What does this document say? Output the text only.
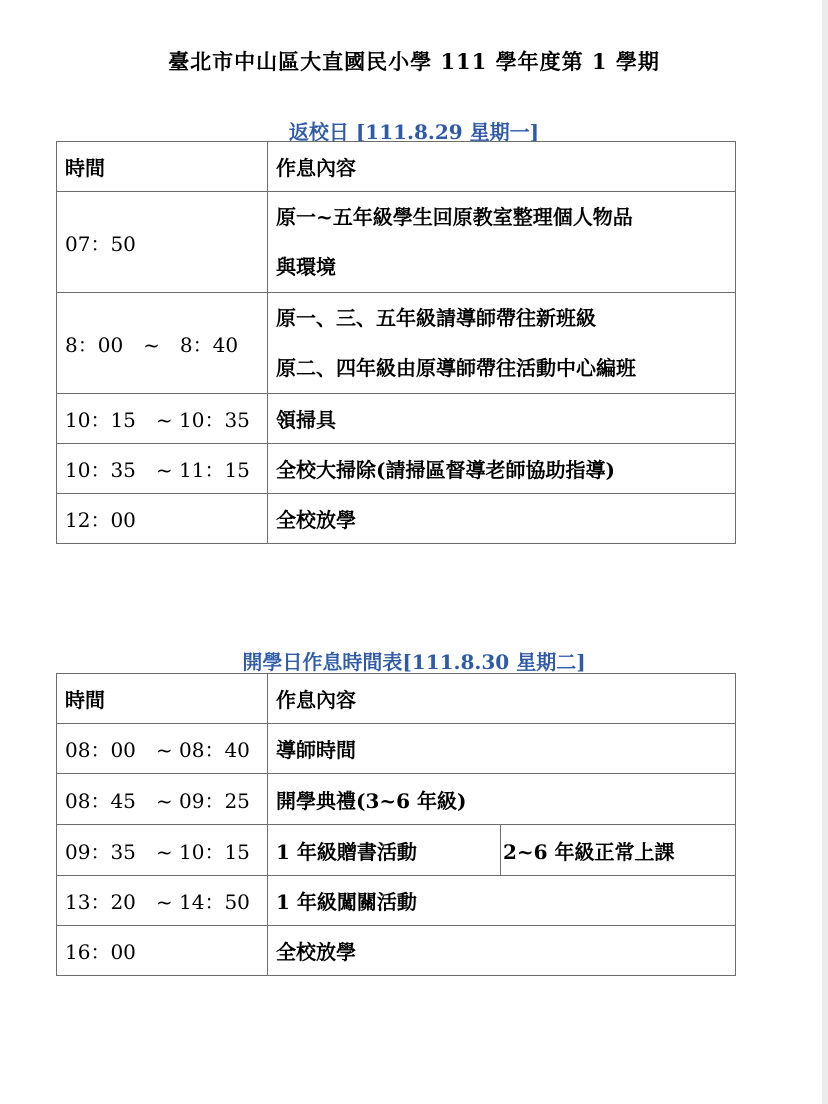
臺北市中山區大直國民小學 111 學年度第 1 學期
返校日 [111.8.29 星期一]
時間	作息內容
07：50	原一~五年級學生回原教室整理個人物品
與環境

8：00　~　8：40	原一、三、五年級請導師帶往新班級
原二、四年級由原導師帶往活動中心編班

10：15　~ 10：35	領掃具
10：35　~ 11：15	全校大掃除(請掃區督導老師協助指導)
12：00	全校放學
開學日作息時間表[111.8.30 星期二]
時間	作息內容	
08：00　~ 08：40	導師時間	
08：45　~ 09：25	開學典禮(3~6 年級)	
09：35　~ 10：15	1 年級贈書活動	2~6 年級正常上課
13：20　~ 14：50	1 年級闖關活動	
16：00	全校放學	
